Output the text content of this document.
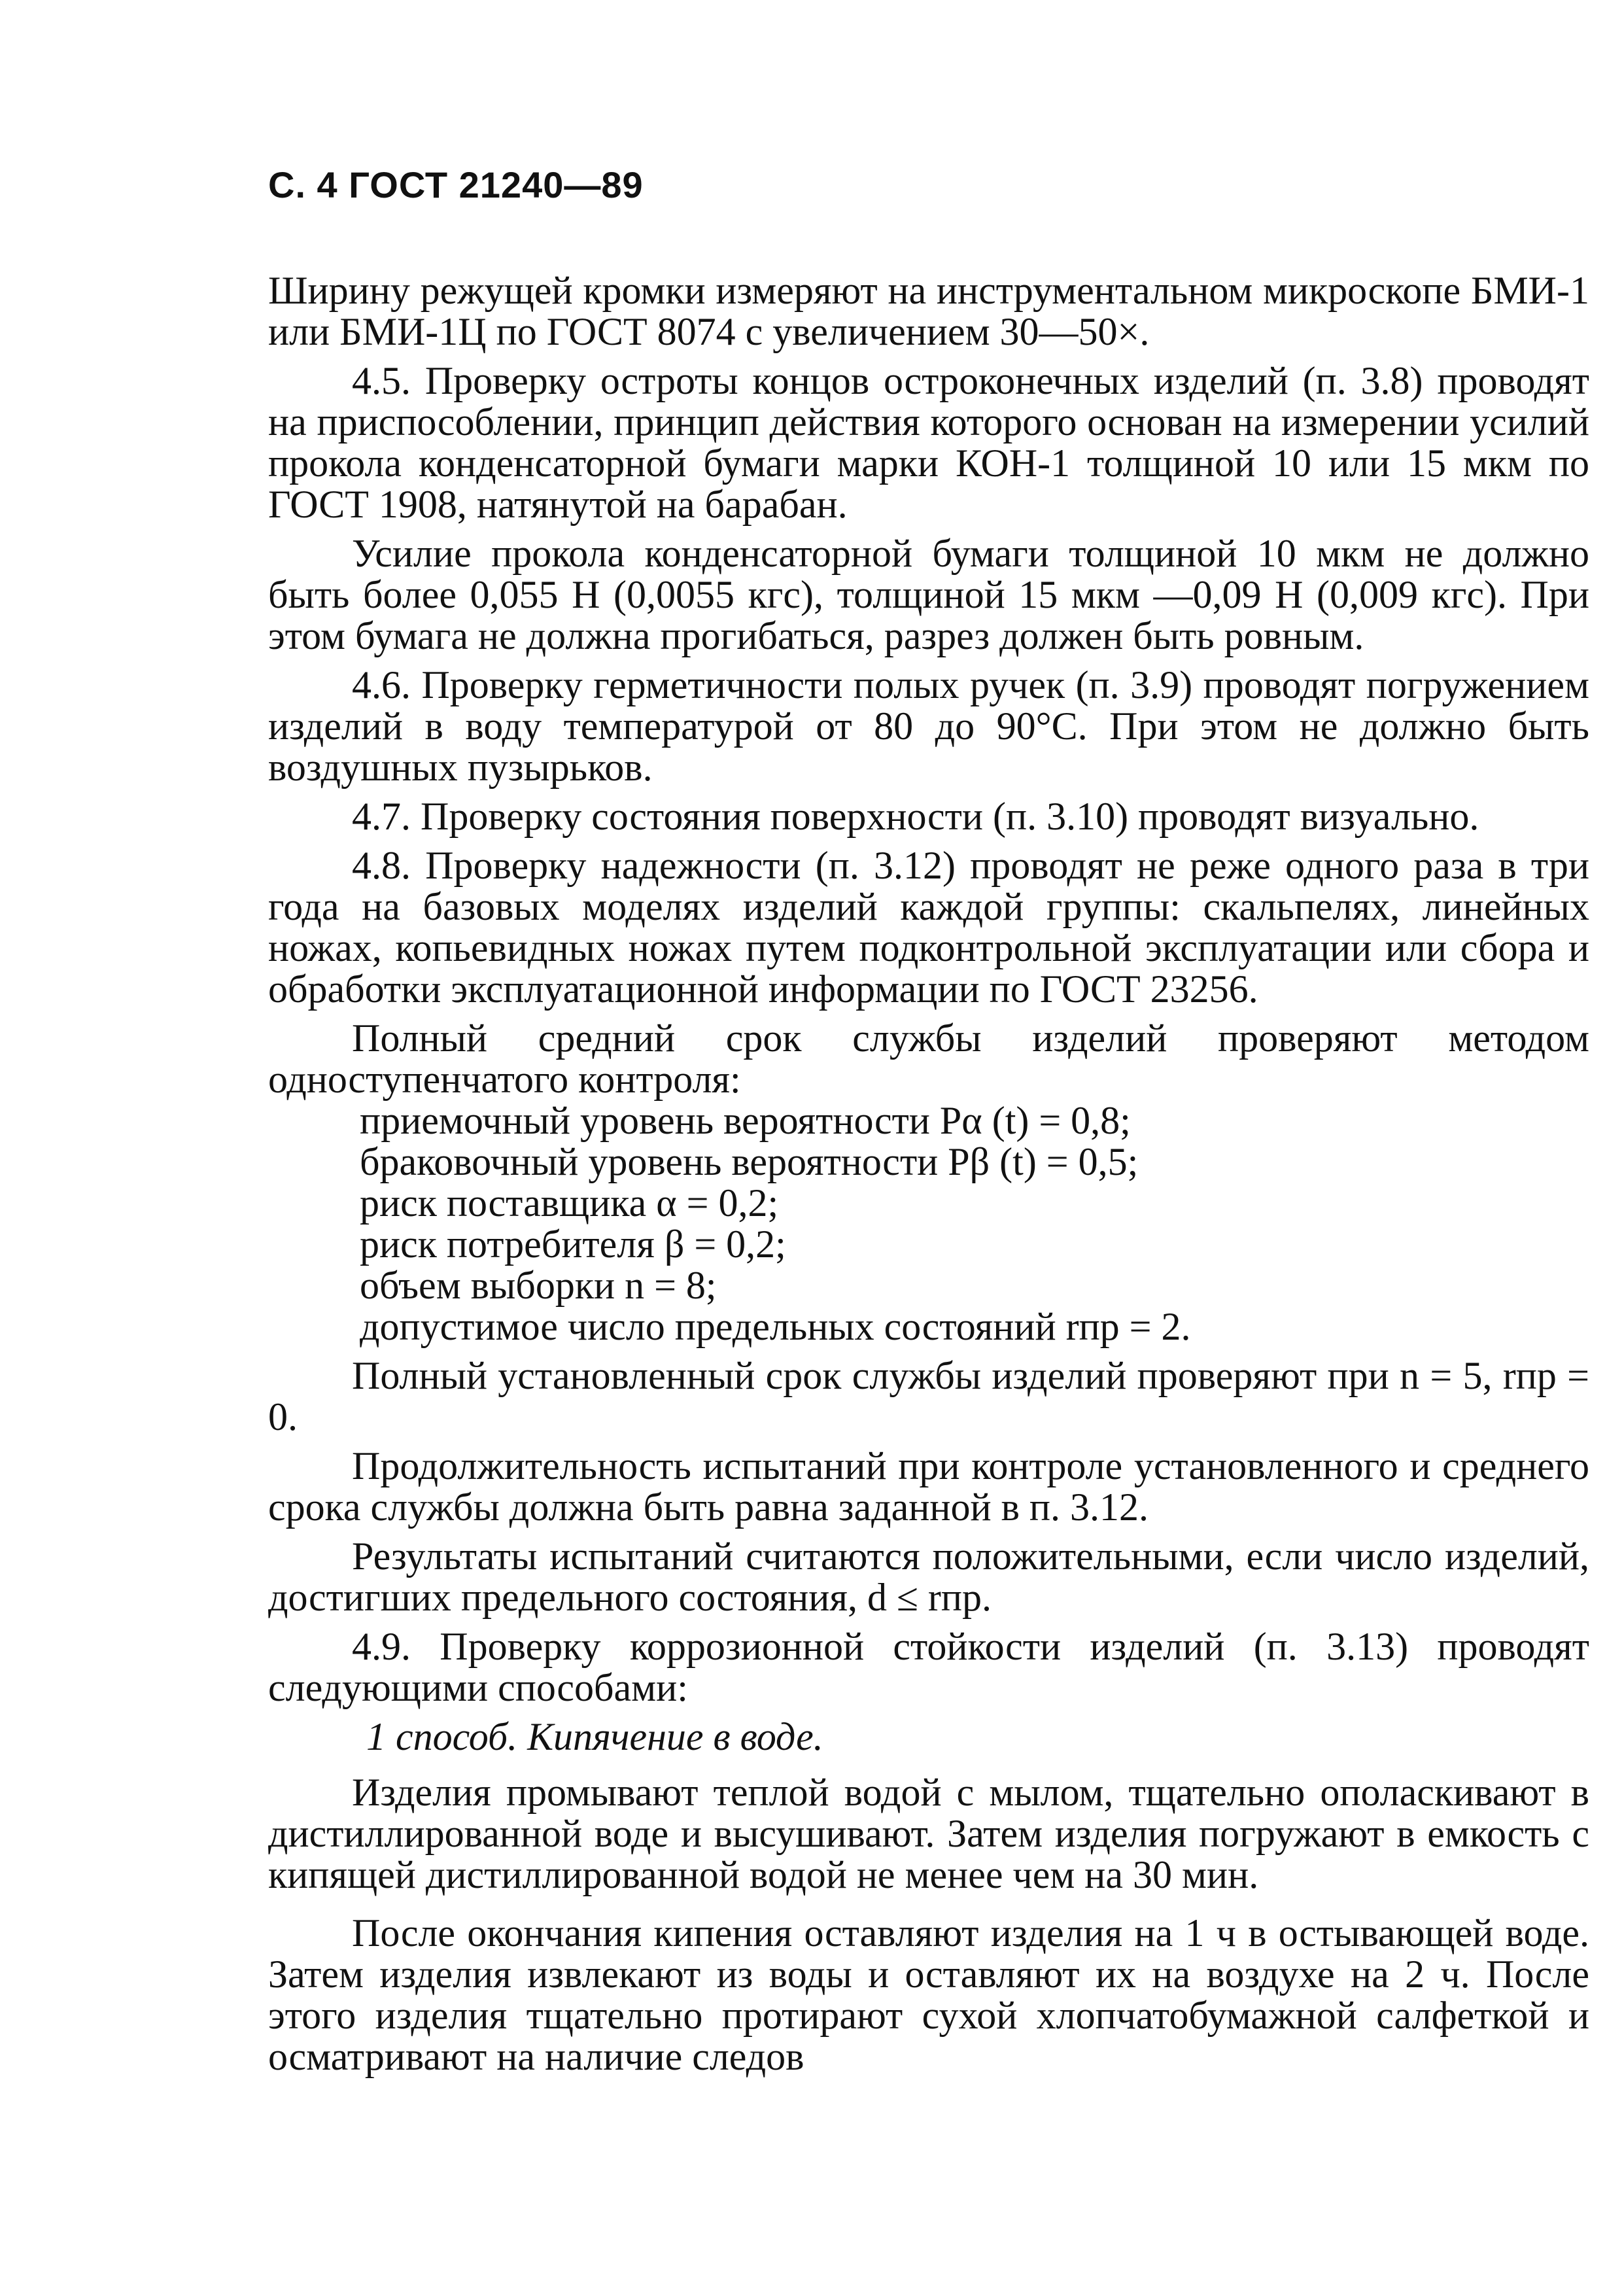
С. 4 ГОСТ 21240—89

Ширину режущей кромки измеряют на инструментальном микроскопе БМИ-1 или БМИ-1Ц по ГОСТ 8074 с увеличением 30—50×.

4.5. Проверку остроты концов остроконечных изделий (п. 3.8) проводят на приспособлении, принцип действия которого основан на измерении усилий прокола конденсаторной бумаги марки КОН-1 толщиной 10 или 15 мкм по ГОСТ 1908, натянутой на барабан.

Усилие прокола конденсаторной бумаги толщиной 10 мкм не должно быть более 0,055 Н (0,0055 кгс), толщиной 15 мкм —0,09 Н (0,009 кгс). При этом бумага не должна прогибаться, разрез должен быть ровным.

4.6. Проверку герметичности полых ручек (п. 3.9) проводят погружением изделий в воду температурой от 80 до 90°С. При этом не должно быть воздушных пузырьков.

4.7. Проверку состояния поверхности (п. 3.10) проводят визуально.

4.8. Проверку надежности (п. 3.12) проводят не реже одного раза в три года на базовых моделях изделий каждой группы: скальпелях, линейных ножах, копьевидных ножах путем подконтрольной эксплуатации или сбора и обработки эксплуатационной информации по ГОСТ 23256.

Полный средний срок службы изделий проверяют методом одноступенчатого контроля:

приемочный уровень вероятности Pα (t) = 0,8;

браковочный уровень вероятности Pβ (t) = 0,5;

риск поставщика α = 0,2;

риск потребителя β = 0,2;

объем выборки n = 8;

допустимое число предельных состояний rпр = 2.

Полный установленный срок службы изделий проверяют при n = 5, rпр = 0.

Продолжительность испытаний при контроле установленного и среднего срока службы должна быть равна заданной в п. 3.12.

Результаты испытаний считаются положительными, если число изделий, достигших предельного состояния, d ≤ rпр.

4.9. Проверку коррозионной стойкости изделий (п. 3.13) проводят следующими способами:

1 способ. Кипячение в воде.

Изделия промывают теплой водой с мылом, тщательно ополаскивают в дистиллированной воде и высушивают. Затем изделия погружают в емкость с кипящей дистиллированной водой не менее чем на 30 мин.

После окончания кипения оставляют изделия на 1 ч в остывающей воде. Затем изделия извлекают из воды и оставляют их на воздухе на 2 ч. После этого изделия тщательно протирают сухой хлопчатобумажной салфеткой и осматривают на наличие следов
